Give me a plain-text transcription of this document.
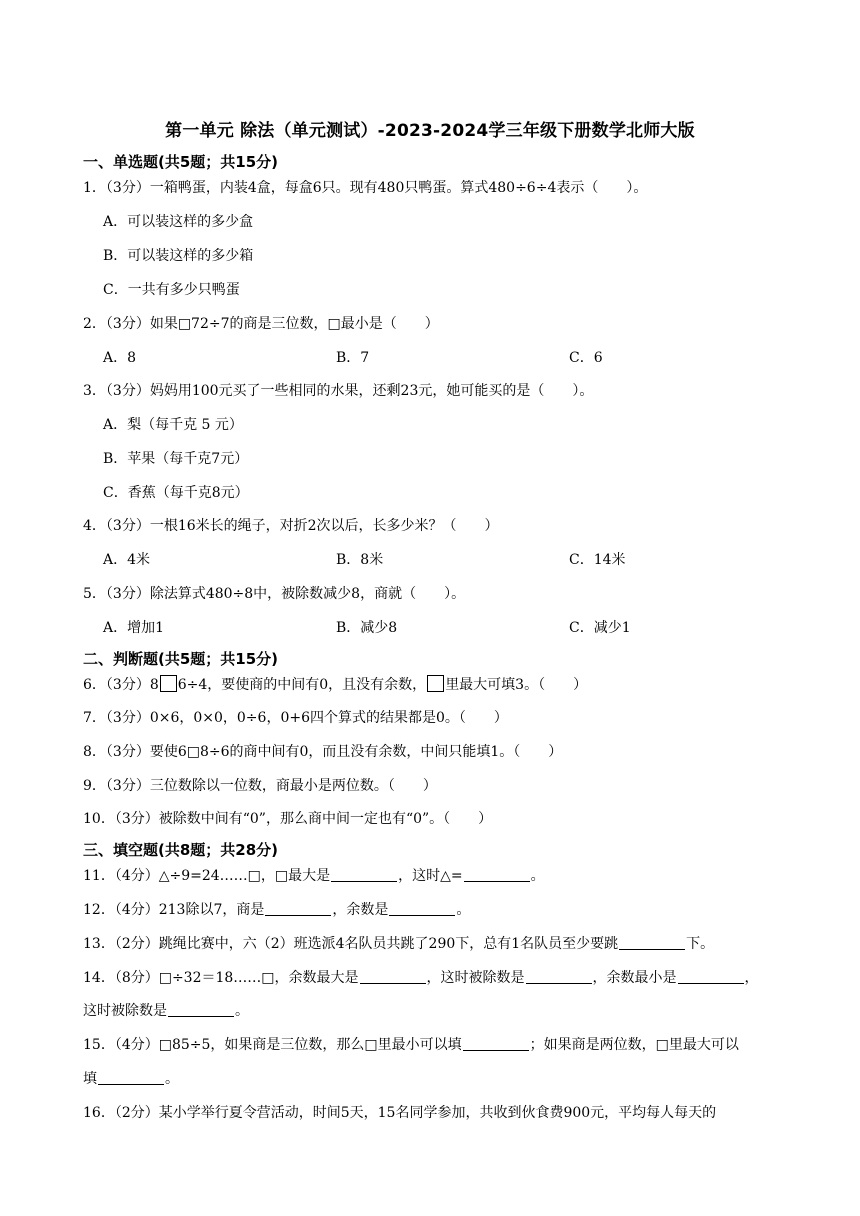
第一单元 除法（单元测试）-2023-2024学三年级下册数学北师大版
一、单选题(共5题；共15分)
1．（3分）一箱鸭蛋，内装4盒，每盒6只。现有480只鸭蛋。算式480÷6÷4表示（　　）。
A．可以装这样的多少盒
B．可以装这样的多少箱
C．一共有多少只鸭蛋
2．（3分）如果□72÷7的商是三位数，□最小是（　　）
A．8	B．7	C．6
3．（3分）妈妈用100元买了一些相同的水果，还剩23元，她可能买的是（　　）。
A．梨（每千克 5 元）
B．苹果（每千克7元）
C．香蕉（每千克8元）
4．（3分）一根16米长的绳子，对折2次以后，长多少米？（　　）
A．4米	B．8米	C．14米
5．（3分）除法算式480÷8中，被除数减少8，商就（　　）。
A．增加1	B．减少8	C．减少1
二、判断题(共5题；共15分)
6．（3分）8 6÷4，要使商的中间有0，且没有余数， 里最大可填3。（　　）
7．（3分）0×6，0×0，0÷6，0+6四个算式的结果都是0。（　　）
8．（3分）要使6□8÷6的商中间有0，而且没有余数，中间只能填1。（　　）
9．（3分）三位数除以一位数，商最小是两位数。（　　）
10．（3分）被除数中间有“0”，那么商中间一定也有“0”。（　　）
三、填空题(共8题；共28分)
11．（4分）△÷9=24……□，□最大是	，这时△=	。
12．（4分）213除以7，商是	，余数是	。
13．（2分）跳绳比赛中，六（2）班选派4名队员共跳了290下，总有1名队员至少要跳	下。
14．（8分）□÷32＝18……□，余数最大是	，这时被除数是	，余数最小是	，
这时被除数是	。
15．（4分）□85÷5，如果商是三位数，那么□里最小可以填	；如果商是两位数，□里最大可以
填	。
16．（2分）某小学举行夏令营活动，时间5天，15名同学参加，共收到伙食费900元，平均每人每天的
